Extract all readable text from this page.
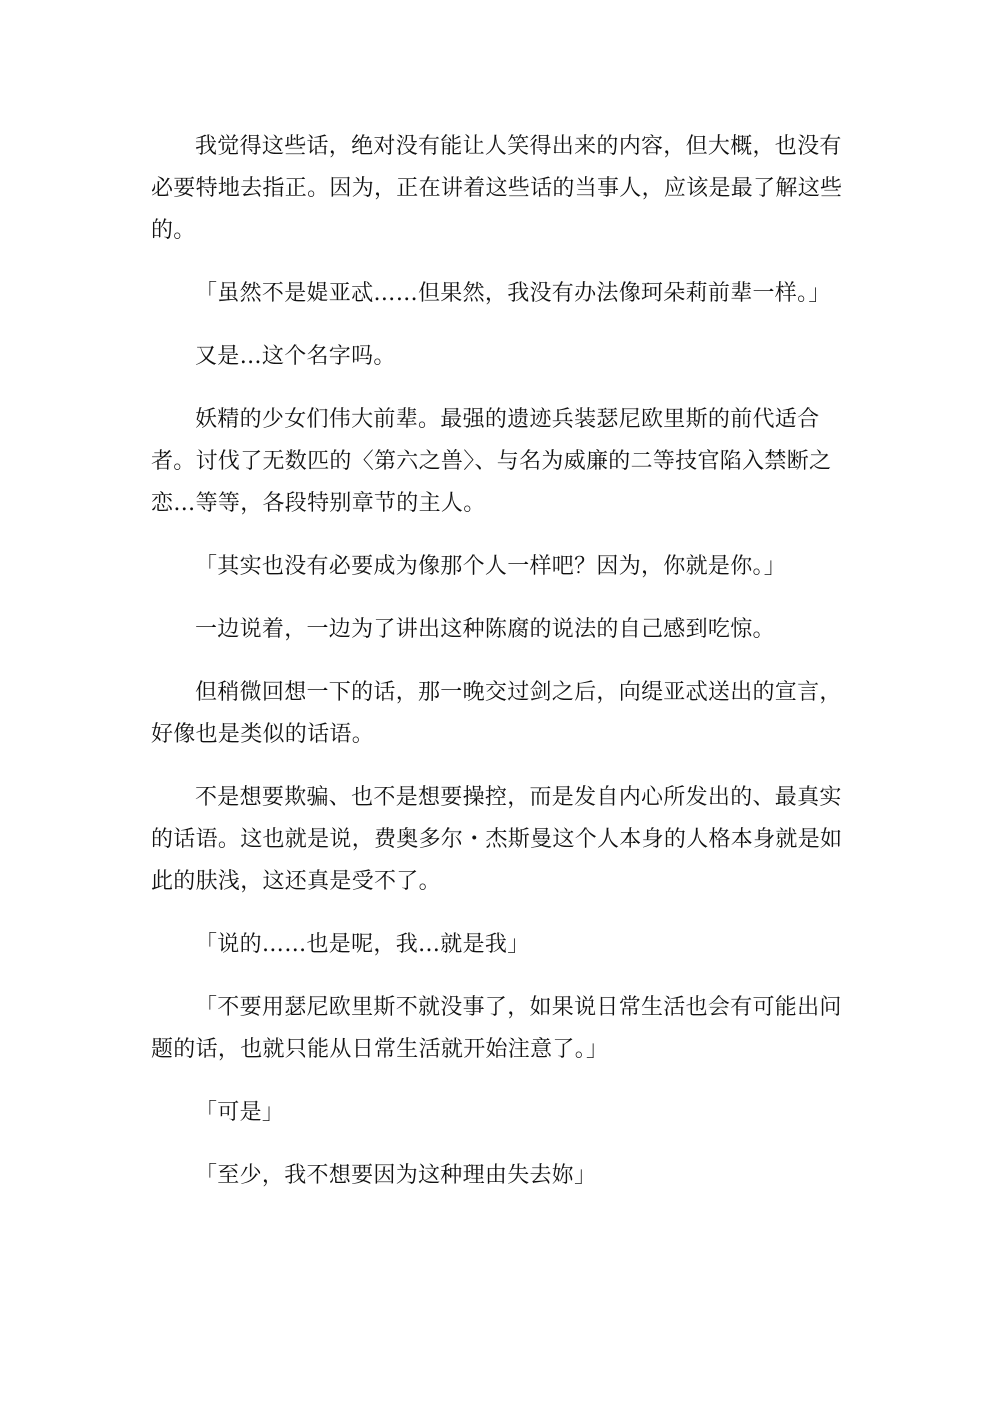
我觉得这些话，绝对没有能让人笑得出来的内容，但大概，也没有必要特地去指正。因为，正在讲着这些话的当事人，应该是最了解这些的。

「虽然不是媞亚忒……但果然，我没有办法像珂朵莉前辈一样。」

又是…这个名字吗。

妖精的少女们伟大前辈。最强的遗迹兵装瑟尼欧里斯的前代适合者。讨伐了无数匹的〈第六之兽〉、与名为威廉的二等技官陷入禁断之恋…等等，各段特别章节的主人。

「其实也没有必要成为像那个人一样吧？因为，你就是你。」

一边说着，一边为了讲出这种陈腐的说法的自己感到吃惊。

但稍微回想一下的话，那一晚交过剑之后，向缇亚忒送出的宣言，好像也是类似的话语。

不是想要欺骗、也不是想要操控，而是发自内心所发出的、最真实的话语。这也就是说，费奥多尔・杰斯曼这个人本身的人格本身就是如此的肤浅，这还真是受不了。

「说的……也是呢，我…就是我」

「不要用瑟尼欧里斯不就没事了，如果说日常生活也会有可能出问题的话，也就只能从日常生活就开始注意了。」

「可是」

「至少，我不想要因为这种理由失去妳」
